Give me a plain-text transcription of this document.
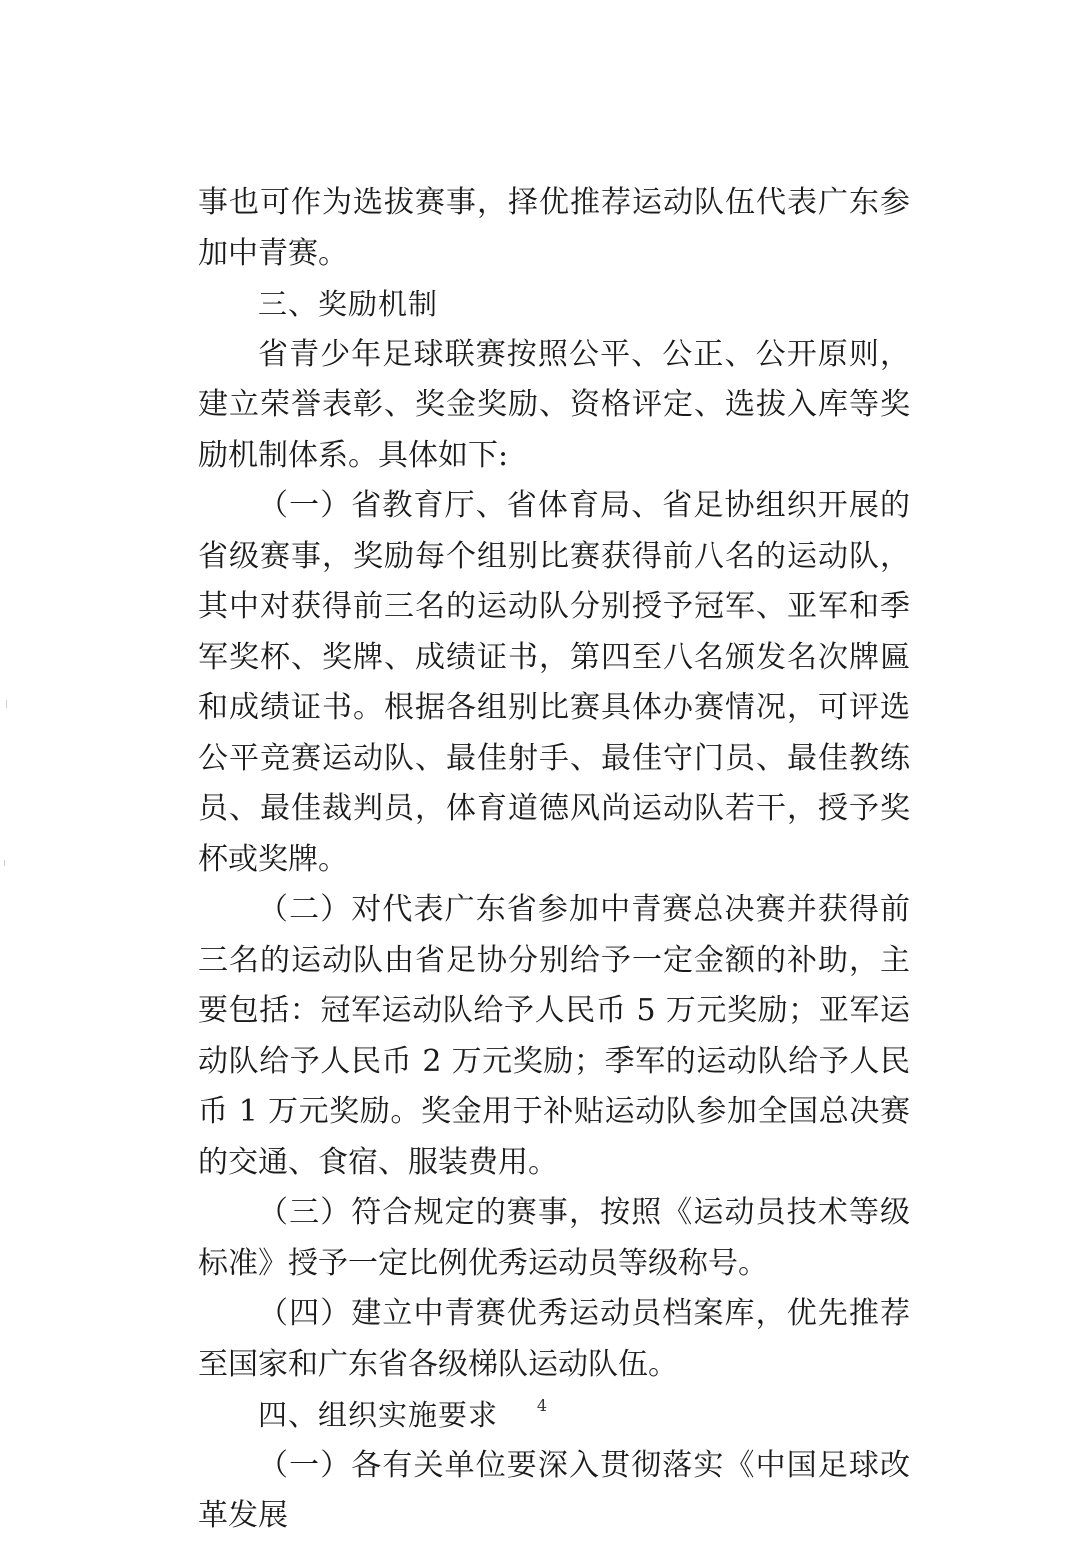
事也可作为选拔赛事，择优推荐运动队伍代表广东参加中青赛。

三、奖励机制

省青少年足球联赛按照公平、公正、公开原则，建立荣誉表彰、奖金奖励、资格评定、选拔入库等奖励机制体系。具体如下:

（一）省教育厅、省体育局、省足协组织开展的省级赛事，奖励每个组别比赛获得前八名的运动队，其中对获得前三名的运动队分别授予冠军、亚军和季军奖杯、奖牌、成绩证书，第四至八名颁发名次牌匾和成绩证书。根据各组别比赛具体办赛情况，可评选公平竞赛运动队、最佳射手、最佳守门员、最佳教练员、最佳裁判员，体育道德风尚运动队若干，授予奖杯或奖牌。

（二）对代表广东省参加中青赛总决赛并获得前三名的运动队由省足协分别给予一定金额的补助，主要包括：冠军运动队给予人民币 5 万元奖励；亚军运动队给予人民币 2 万元奖励；季军的运动队给予人民币 1 万元奖励。奖金用于补贴运动队参加全国总决赛的交通、食宿、服装费用。

（三）符合规定的赛事，按照《运动员技术等级标准》授予一定比例优秀运动员等级称号。

（四）建立中青赛优秀运动员档案库，优先推荐至国家和广东省各级梯队运动队伍。

四、组织实施要求

（一）各有关单位要深入贯彻落实《中国足球改革发展

4
